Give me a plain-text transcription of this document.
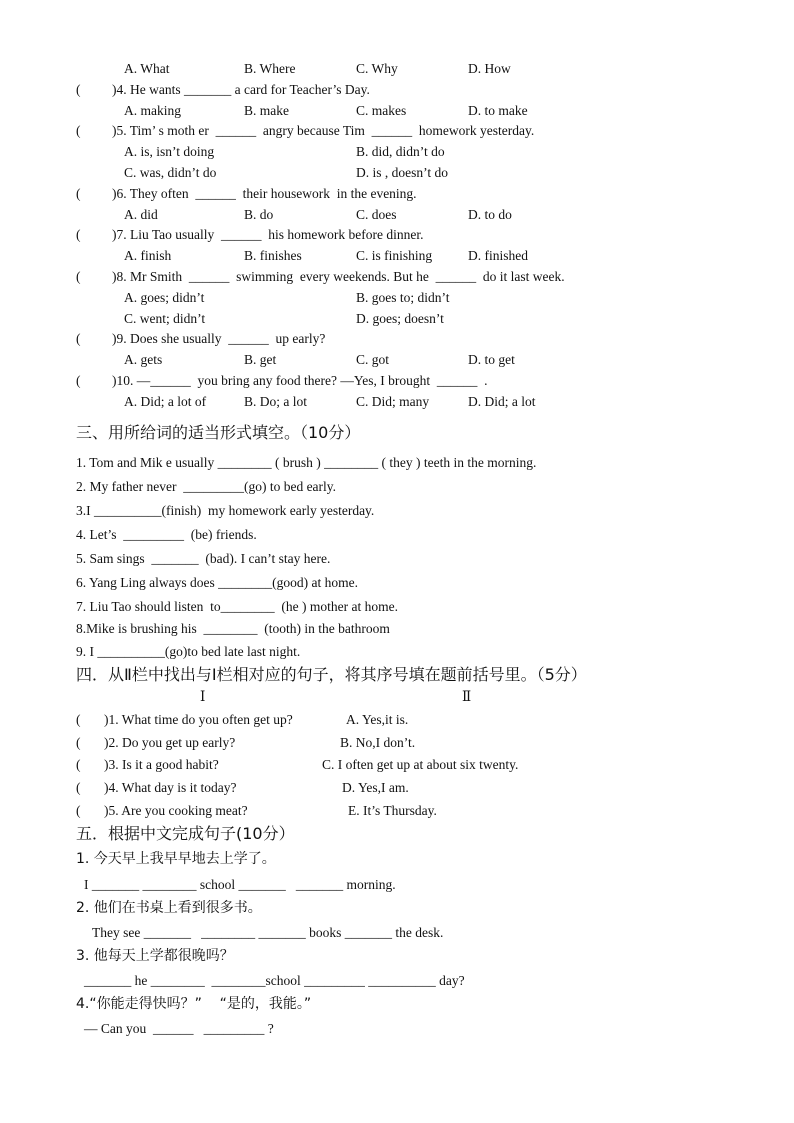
A. What	B. Where	C. Why	D. How
( )4. He wants _______ a card for Teacher’s Day.
A. making	B. make	C. makes	D. to make
( )5. Tim’ s moth er  ______  angry because Tim  ______  homework yesterday.
A. is, isn’t doing	B. did, didn’t do
C. was, didn’t do	D. is , doesn’t do
( )6. They often  ______  their housework  in the evening.
A. did	B. do	C. does	D. to do
( )7. Liu Tao usually  ______  his homework before dinner.
A. finish	B. finishes	C. is finishing	D. finished
( )8. Mr Smith  ______  swimming  every weekends. But he  ______  do it last week.
A. goes; didn’t	B. goes to; didn’t
C. went; didn’t	D. goes; doesn’t
( )9. Does she usually  ______  up early?
A. gets	B. get	C. got	D. to get
( )10. —______  you bring any food there? —Yes, I brought  ______  .
A. Did; a lot of	B. Do; a lot	C. Did; many	D. Did; a lot
三、用所给词的适当形式填空。（10分）
1. Tom and Mik e usually ________ ( brush ) ________ ( they ) teeth in the morning.
2. My father never  _________(go) to bed early.
3.I __________(finish)  my homework early yesterday.
4. Let’s  _________  (be) friends.
5. Sam sings  _______  (bad). I can’t stay here.
6. Yang Ling always does ________(good) at home.
7. Liu Tao should listen  to________  (he ) mother at home.
8.Mike is brushing his  ________  (tooth) in the bathroom
9. I __________(go)to bed late last night.
四．从Ⅱ栏中找出与Ⅰ栏相对应的句子，将其序号填在题前括号里。（5分）
Ⅰ	Ⅱ
( )1. What time do you often get up?	A. Yes,it is.
( )2. Do you get up early?	B. No,I don’t.
( )3. Is it a good habit?	C. I often get up at about six twenty.
( )4. What day is it today?	D. Yes,I am.
( )5. Are you cooking meat?	E. It’s Thursday.
五．根据中文完成句子(10分）
1. 今天早上我早早地去上学了。
I _______ ________ school _______   _______ morning.
2. 他们在书桌上看到很多书。
They see _______   ________ _______ books _______ the desk.
3. 他每天上学都很晚吗？
_______ he ________  ________school _________ __________ day?
4.“你能走得快吗？”    “是的，我能。”
— Can you  ______   _________ ?
